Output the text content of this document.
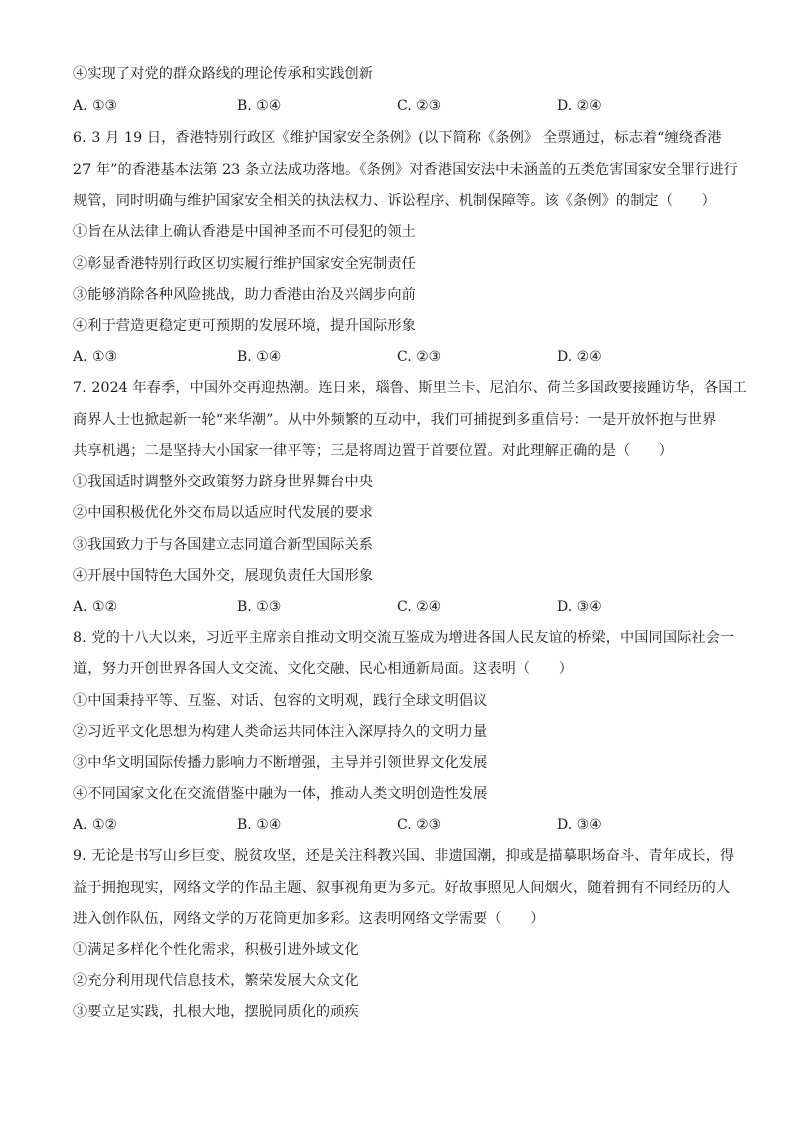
④实现了对党的群众路线的理论传承和实践创新
A. ①③	B. ①④	C. ②③	D. ②④
6. 3 月 19 日，香港特别行政区《维护国家安全条例》(以下简称《条例》 全票通过，标志着“缠绕香港
27 年”的香港基本法第 23 条立法成功落地。《条例》对香港国安法中未涵盖的五类危害国家安全罪行进行
规管，同时明确与维护国家安全相关的执法权力、诉讼程序、机制保障等。该《条例》的制定（　　）
①旨在从法律上确认香港是中国神圣而不可侵犯的领土
②彰显香港特别行政区切实履行维护国家安全宪制责任
③能够消除各种风险挑战，助力香港由治及兴阔步向前
④利于营造更稳定更可预期的发展环境，提升国际形象
A. ①③	B. ①④	C. ②③	D. ②④
7. 2024 年春季，中国外交再迎热潮。连日来，瑙鲁、斯里兰卡、尼泊尔、荷兰多国政要接踵访华，各国工
商界人士也掀起新一轮“来华潮”。从中外频繁的互动中，我们可捕捉到多重信号：一是开放怀抱与世界
共享机遇；二是坚持大小国家一律平等；三是将周边置于首要位置。对此理解正确的是（　　）
①我国适时调整外交政策努力跻身世界舞台中央
②中国积极优化外交布局以适应时代发展的要求
③我国致力于与各国建立志同道合新型国际关系
④开展中国特色大国外交，展现负责任大国形象
A. ①②	B. ①③	C. ②④	D. ③④
8. 党的十八大以来，习近平主席亲自推动文明交流互鉴成为增进各国人民友谊的桥梁，中国同国际社会一
道，努力开创世界各国人文交流、文化交融、民心相通新局面。这表明（　　）
①中国秉持平等、互鉴、对话、包容的文明观，践行全球文明倡议
②习近平文化思想为构建人类命运共同体注入深厚持久的文明力量
③中华文明国际传播力影响力不断增强，主导并引领世界文化发展
④不同国家文化在交流借鉴中融为一体，推动人类文明创造性发展
A. ①②	B. ①④	C. ②③	D. ③④
9. 无论是书写山乡巨变、脱贫攻坚，还是关注科教兴国、非遗国潮，抑或是描摹职场奋斗、青年成长，得
益于拥抱现实，网络文学的作品主题、叙事视角更为多元。好故事照见人间烟火，随着拥有不同经历的人
进入创作队伍，网络文学的万花筒更加多彩。这表明网络文学需要（　　）
①满足多样化个性化需求，积极引进外域文化
②充分利用现代信息技术，繁荣发展大众文化
③要立足实践，扎根大地，摆脱同质化的顽疾
